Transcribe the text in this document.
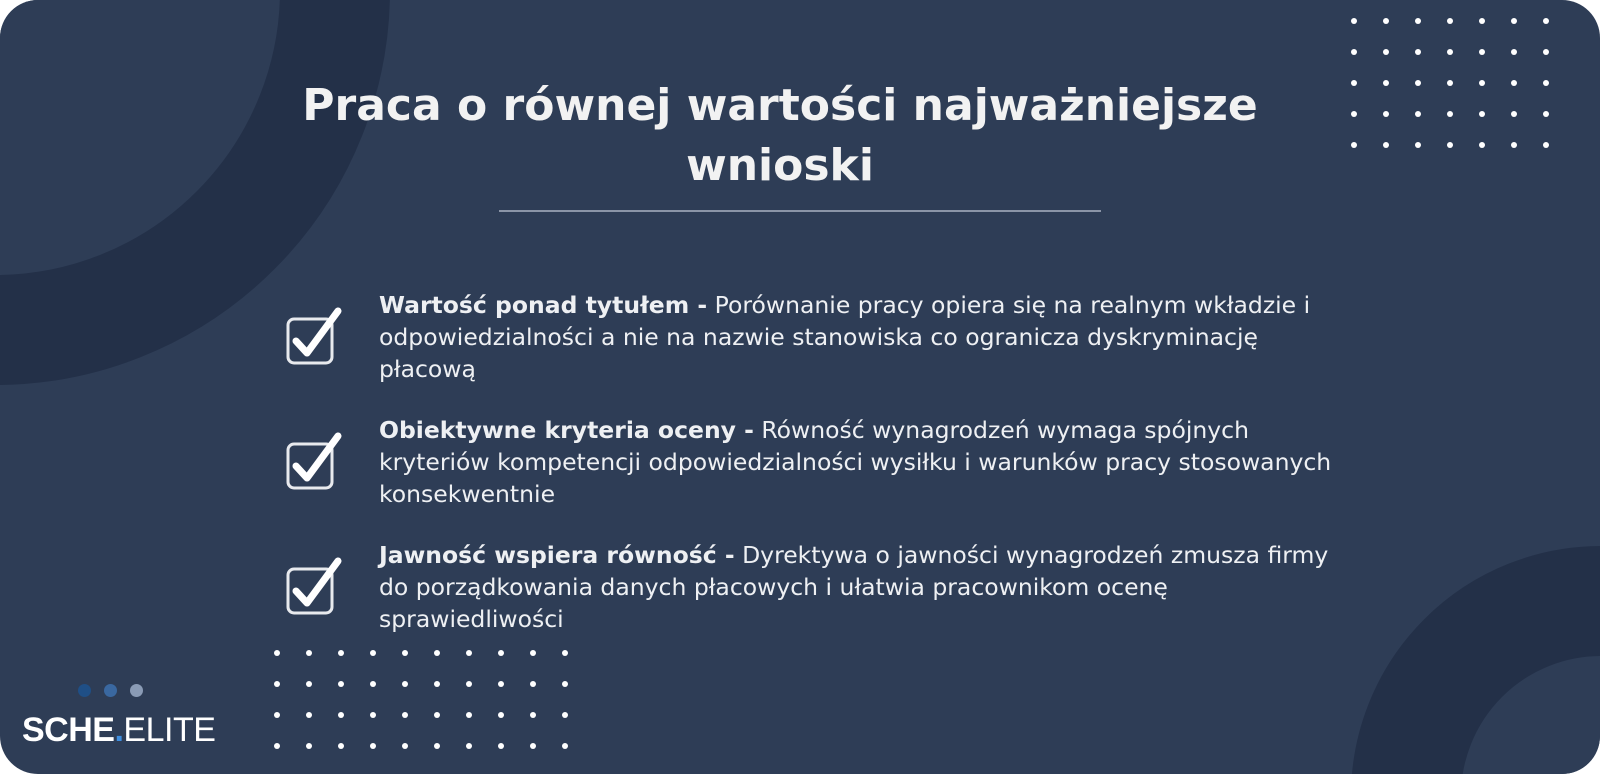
Praca o równej wartości najważniejsze wnioski
Wartość ponad tytułem - Porównanie pracy opiera się na realnym wkładzie i odpowiedzialności a nie na nazwie stanowiska co ogranicza dyskryminację płacową
Obiektywne kryteria oceny - Równość wynagrodzeń wymaga spójnych kryteriów kompetencji odpowiedzialności wysiłku i warunków pracy stosowanych konsekwentnie
Jawność wspiera równość - Dyrektywa o jawności wynagrodzeń zmusza firmy do porządkowania danych płacowych i ułatwia pracownikom ocenę sprawiedliwości
SCHE.ELITE
